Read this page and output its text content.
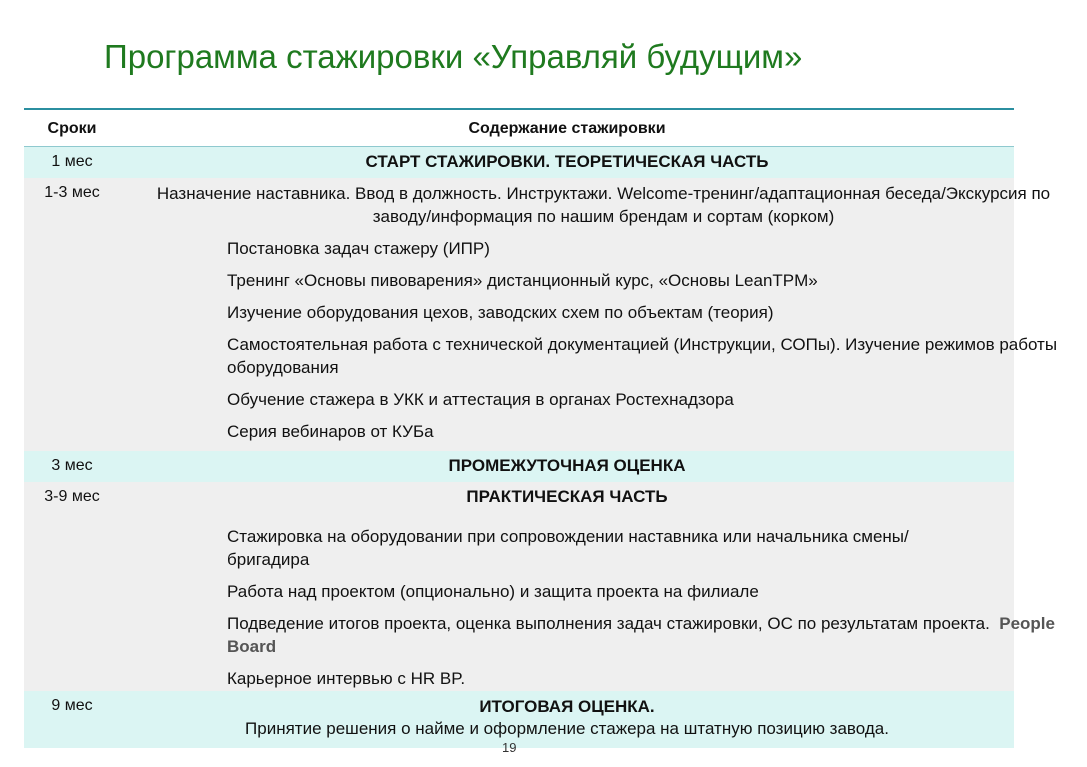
Программа стажировки «Управляй будущим»
Сроки	Содержание стажировки
1 мес	СТАРТ СТАЖИРОВКИ. ТЕОРЕТИЧЕСКАЯ ЧАСТЬ
1-3 мес	Назначение наставника. Ввод в должность. Инструктажи. Welcome-тренинг/адаптационная беседа/Экскурсия по заводу/информация по нашим брендам и сортам (корком)
Постановка задач стажеру (ИПР)
Тренинг «Основы пивоварения» дистанционный курс, «Основы LeanTPM»
Изучение оборудования цехов, заводских схем по объектам (теория)
Самостоятельная работа с технической документацией (Инструкции, СОПы). Изучение режимов работы оборудования
Обучение стажера в УКК и аттестация в органах Ростехнадзора
Серия вебинаров от КУБа
3 мес	ПРОМЕЖУТОЧНАЯ ОЦЕНКА
3-9 мес	ПРАКТИЧЕСКАЯ ЧАСТЬ
Стажировка на оборудовании при сопровождении наставника или начальника смены/бригадира
Работа над проектом (опционально) и защита проекта на филиале
Подведение итогов проекта, оценка выполнения задач стажировки, ОС по результатам проекта. People Board
Карьерное интервью с HR BP.
9 мес	ИТОГОВАЯ ОЦЕНКА.
Принятие решения о найме и оформление стажера на штатную позицию завода.
19
